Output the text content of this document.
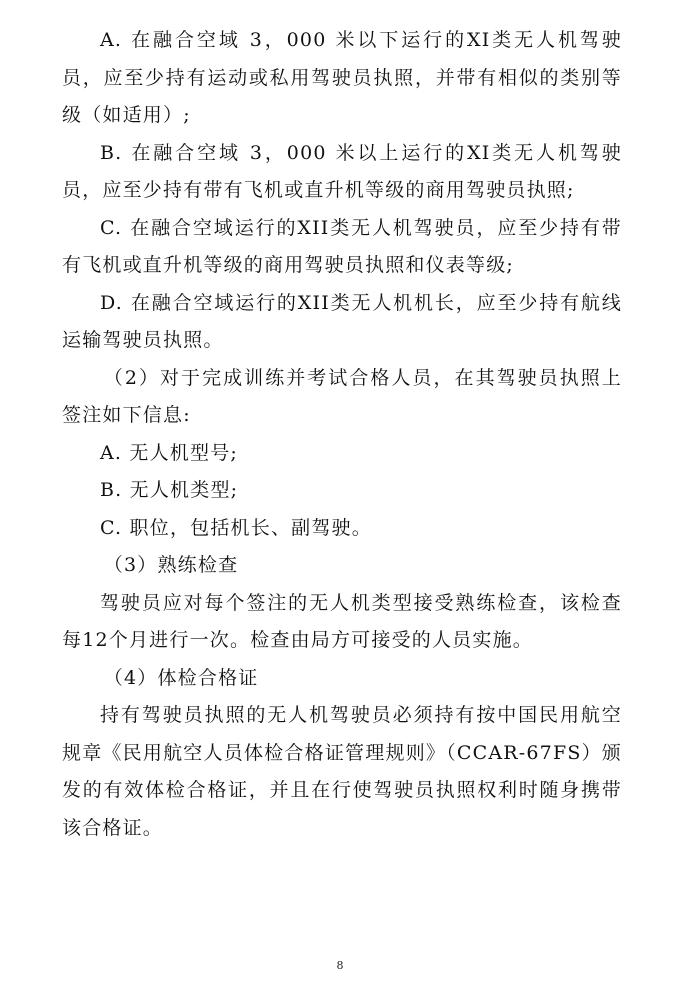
A. 在融合空域 3，000 米以下运行的XI类无人机驾驶员，应至少持有运动或私用驾驶员执照，并带有相似的类别等级（如适用）;

B. 在融合空域 3，000 米以上运行的XI类无人机驾驶员，应至少持有带有飞机或直升机等级的商用驾驶员执照;

C. 在融合空域运行的XII类无人机驾驶员，应至少持有带有飞机或直升机等级的商用驾驶员执照和仪表等级;

D. 在融合空域运行的XII类无人机机长，应至少持有航线运输驾驶员执照。

（2）对于完成训练并考试合格人员，在其驾驶员执照上签注如下信息:

A. 无人机型号;

B. 无人机类型;

C. 职位，包括机长、副驾驶。

（3）熟练检查

驾驶员应对每个签注的无人机类型接受熟练检查，该检查每12个月进行一次。检查由局方可接受的人员实施。

（4）体检合格证

持有驾驶员执照的无人机驾驶员必须持有按中国民用航空规章《民用航空人员体检合格证管理规则》（CCAR-67FS）颁发的有效体检合格证，并且在行使驾驶员执照权利时随身携带该合格证。

8
